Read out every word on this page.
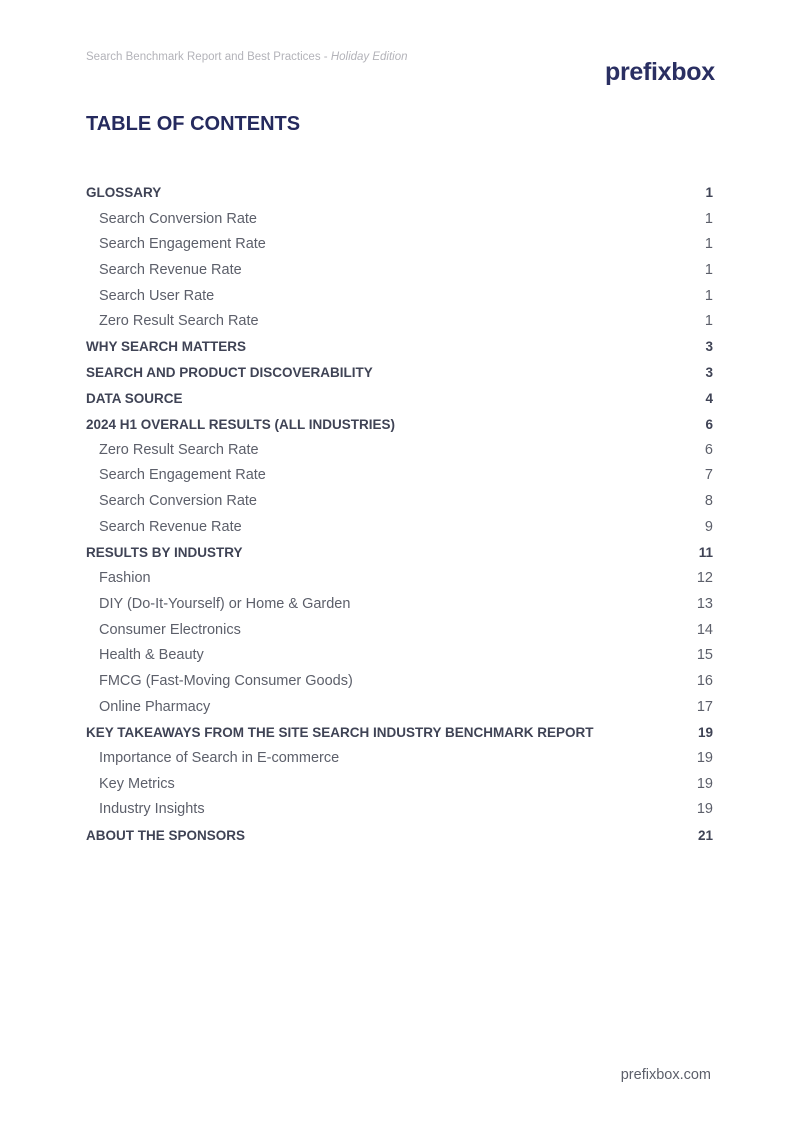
Search Benchmark Report and Best Practices - Holiday Edition
prefixbox
TABLE OF CONTENTS
GLOSSARY	1
Search Conversion Rate	1
Search Engagement Rate	1
Search Revenue Rate	1
Search User Rate	1
Zero Result Search Rate	1
WHY SEARCH MATTERS	3
SEARCH AND PRODUCT DISCOVERABILITY	3
DATA SOURCE	4
2024 H1 OVERALL RESULTS (ALL INDUSTRIES)	6
Zero Result Search Rate	6
Search Engagement Rate	7
Search Conversion Rate	8
Search Revenue Rate	9
RESULTS BY INDUSTRY	11
Fashion	12
DIY (Do-It-Yourself) or Home & Garden	13
Consumer Electronics	14
Health & Beauty	15
FMCG (Fast-Moving Consumer Goods)	16
Online Pharmacy	17
KEY TAKEAWAYS FROM THE SITE SEARCH INDUSTRY BENCHMARK REPORT	19
Importance of Search in E-commerce	19
Key Metrics	19
Industry Insights	19
ABOUT THE SPONSORS	21
prefixbox.com
